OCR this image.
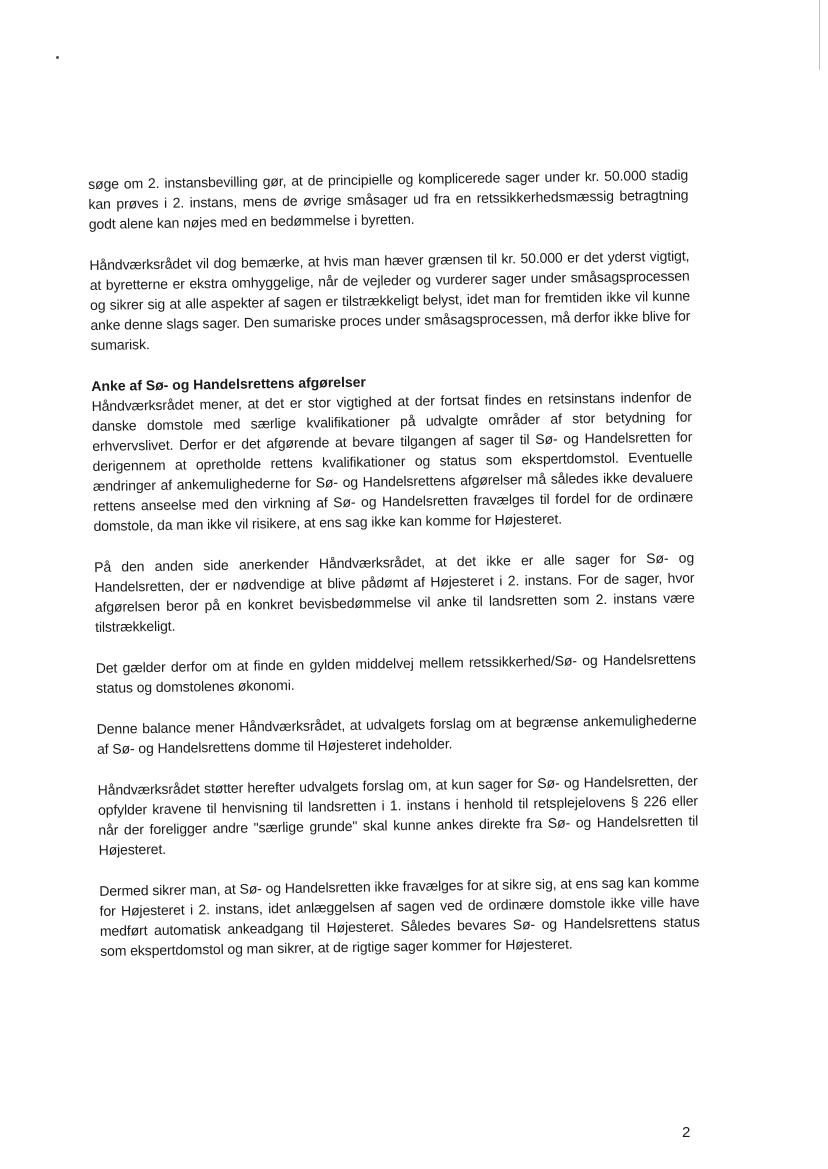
søge om 2. instansbevilling gør, at de principielle og komplicerede sager under kr. 50.000 stadig kan prøves i 2. instans, mens de øvrige småsager ud fra en retssikkerhedsmæssig betragtning godt alene kan nøjes med en bedømmelse i byretten.

Håndværksrådet vil dog bemærke, at hvis man hæver grænsen til kr. 50.000 er det yderst vigtigt, at byretterne er ekstra omhyggelige, når de vejleder og vurderer sager under småsagsprocessen og sikrer sig at alle aspekter af sagen er tilstrækkeligt belyst, idet man for fremtiden ikke vil kunne anke denne slags sager. Den sumariske proces under småsagsprocessen, må derfor ikke blive for sumarisk.

Anke af Sø- og Handelsrettens afgørelser

Håndværksrådet mener, at det er stor vigtighed at der fortsat findes en retsinstans indenfor de danske domstole med særlige kvalifikationer på udvalgte områder af stor betydning for erhvervslivet. Derfor er det afgørende at bevare tilgangen af sager til Sø- og Handelsretten for derigennem at opretholde rettens kvalifikationer og status som ekspertdomstol. Eventuelle ændringer af ankemulighederne for Sø- og Handelsrettens afgørelser må således ikke devaluere rettens anseelse med den virkning af Sø- og Handelsretten fravælges til fordel for de ordinære domstole, da man ikke vil risikere, at ens sag ikke kan komme for Højesteret.

På den anden side anerkender Håndværksrådet, at det ikke er alle sager for Sø- og Handelsretten, der er nødvendige at blive pådømt af Højesteret i 2. instans. For de sager, hvor afgørelsen beror på en konkret bevisbedømmelse vil anke til landsretten som 2. instans være tilstrækkeligt.

Det gælder derfor om at finde en gylden middelvej mellem retssikkerhed/Sø- og Handelsrettens status og domstolenes økonomi.

Denne balance mener Håndværksrådet, at udvalgets forslag om at begrænse ankemulighederne af Sø- og Handelsrettens domme til Højesteret indeholder.

Håndværksrådet støtter herefter udvalgets forslag om, at kun sager for Sø- og Handelsretten, der opfylder kravene til henvisning til landsretten i 1. instans i henhold til retsplejelovens § 226 eller når der foreligger andre "særlige grunde" skal kunne ankes direkte fra Sø- og Handelsretten til Højesteret.

Dermed sikrer man, at Sø- og Handelsretten ikke fravælges for at sikre sig, at ens sag kan komme for Højesteret i 2. instans, idet anlæggelsen af sagen ved de ordinære domstole ikke ville have medført automatisk ankeadgang til Højesteret. Således bevares Sø- og Handelsrettens status som ekspertdomstol og man sikrer, at de rigtige sager kommer for Højesteret.

2
